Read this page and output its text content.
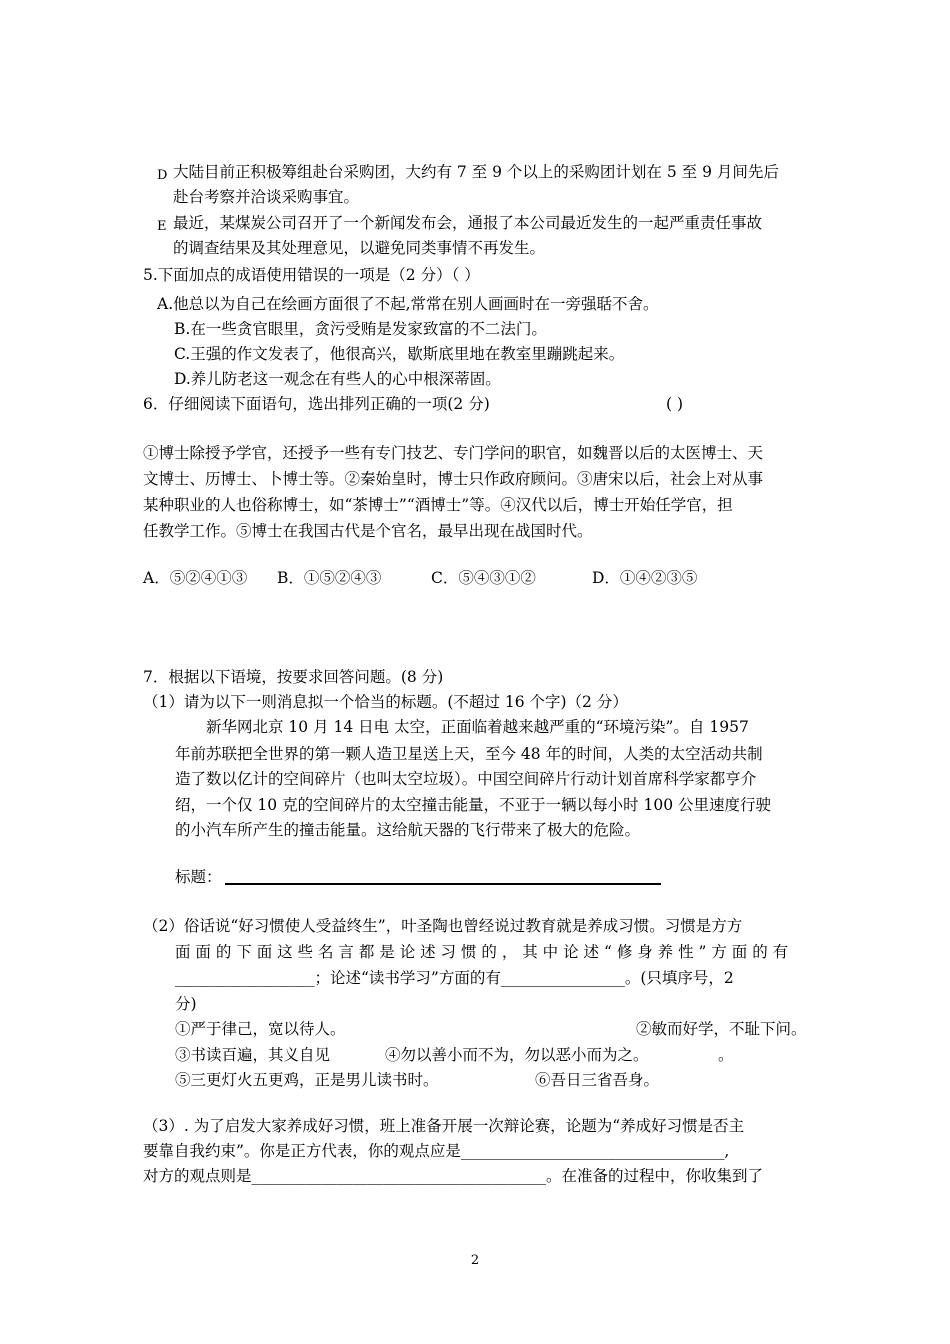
D 大陆目前正积极筹组赴台采购团，大约有 7 至 9 个以上的采购团计划在 5 至 9 月间先后
赴台考察并洽谈采购事宜。
E 最近，某煤炭公司召开了一个新闻发布会，通报了本公司最近发生的一起严重责任事故
的调查结果及其处理意见，以避免同类事情不再发生。
5.下面加点的成语使用错误的一项是（2 分）（ ）
A.他总以为自己在绘画方面很了不起,常常在别人画画时在一旁强聒不舍。
B.在一些贪官眼里，贪污受贿是发家致富的不二法门。
C.王强的作文发表了，他很高兴，歇斯底里地在教室里蹦跳起来。
D.养儿防老这一观念在有些人的心中根深蒂固。
6．仔细阅读下面语句，选出排列正确的一项(2 分)	( )
①博士除授予学官，还授予一些有专门技艺、专门学问的职官，如魏晋以后的太医博士、天
文博士、历博士、卜博士等。②秦始皇时，博士只作政府顾问。③唐宋以后，社会上对从事
某种职业的人也俗称博士，如“茶博士”“酒博士”等。④汉代以后，博士开始任学官，担
任教学工作。⑤博士在我国古代是个官名，最早出现在战国时代。
A．⑤②④①③ B．①⑤②④③	C．⑤④③①②	D．①④②③⑤
7．根据以下语境，按要求回答问题。(8 分)
（1）请为以下一则消息拟一个恰当的标题。(不超过 16 个字)（2 分）
新华网北京 10 月 14 日电 太空，正面临着越来越严重的“环境污染”。自 1957
年前苏联把全世界的第一颗人造卫星送上天，至今 48 年的时间，人类的太空活动共制
造了数以亿计的空间碎片（也叫太空垃圾）。中国空间碎片行动计划首席科学家都亨介
绍，一个仅 10 克的空间碎片的太空撞击能量，不亚于一辆以每小时 100 公里速度行驶
的小汽车所产生的撞击能量。这给航天器的飞行带来了极大的危险。
标题：
（2）俗话说“好习惯使人受益终生”，叶圣陶也曾经说过教育就是养成习惯。习惯是方方
面 面 的 下 面 这 些 名 言 都 是 论 述 习 惯 的 ， 其 中 论 述 “ 修 身 养 性 ” 方 面 的 有
__________________；论述“读书学习”方面的有________________。(只填序号，2
分)
①严于律己，宽以待人。	②敏而好学，不耻下问。
③书读百遍，其义自见	④勿以善小而不为，勿以恶小而为之。	。
⑤三更灯火五更鸡，正是男儿读书时。	⑥吾日三省吾身。
（3）. 为了启发大家养成好习惯，班上准备开展一次辩论赛，论题为“养成好习惯是否主
要靠自我约束”。你是正方代表，你的观点应是__________________________________,
对方的观点则是______________________________________。在准备的过程中，你收集到了
2
